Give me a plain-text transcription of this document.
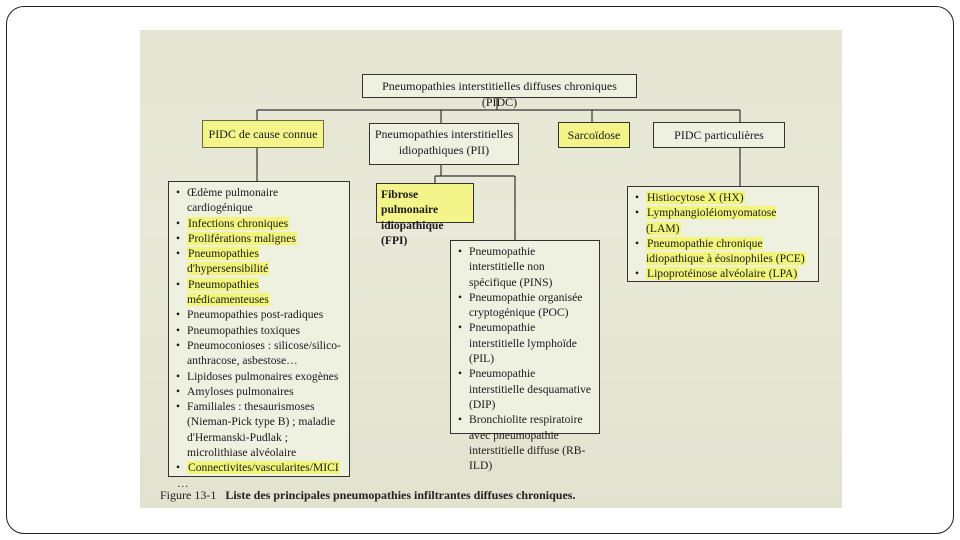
Pneumopathies interstitielles diffuses chroniques (PIDC)
PIDC de cause connue	Pneumopathies interstitielles idiopathiques (PII)
Sarcoïdose	PIDC particulières
• Œdème pulmonaire cardiogénique
• Infections chroniques
• Proliférations malignes
• Pneumopathies d'hypersensibilité
• Pneumopathies médicamenteuses
• Pneumopathies post-radiques
• Pneumopathies toxiques
• Pneumoconioses : silicose/silico-anthracose, asbestose…
• Lipidoses pulmonaires exogènes
• Amyloses pulmonaires
• Familiales : thesaurismoses (Nieman-Pick type B) ; maladie d'Hermanski-Pudlak ; microlithiase alvéolaire
• Connectivites/vascularites/MICI
…
Fibrose pulmonaire idiopathique (FPI)
• Pneumopathie interstitielle non spécifique (PINS)
• Pneumopathie organisée cryptogénique (POC)
• Pneumopathie interstitielle lymphoïde (PIL)
• Pneumopathie interstitielle desquamative (DIP)
• Bronchiolite respiratoire avec pneumopathie interstitielle diffuse (RB-ILD)
• Histiocytose X (HX)
• Lymphangioléiomyomatose (LAM)
• Pneumopathie chronique idiopathique à éosinophiles (PCE)
• Lipoprotéinose alvéolaire (LPA)
Figure 13-1 Liste des principales pneumopathies infiltrantes diffuses chroniques.
